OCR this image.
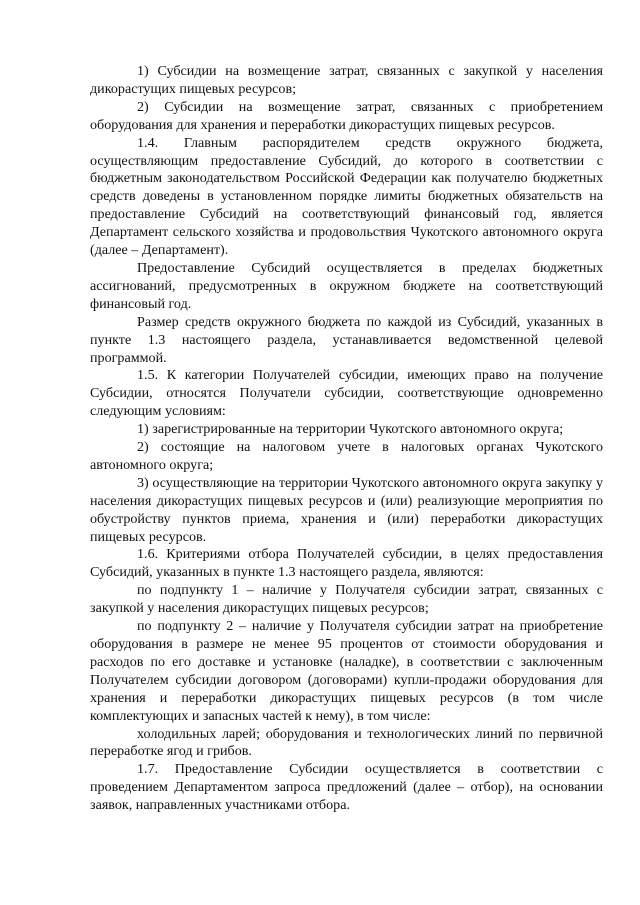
1) Субсидии на возмещение затрат, связанных с закупкой у населения дикорастущих пищевых ресурсов;

2) Субсидии на возмещение затрат, связанных с приобретением оборудования для хранения и переработки дикорастущих пищевых ресурсов.

1.4. Главным распорядителем средств окружного бюджета, осуществляющим предоставление Субсидий, до которого в соответствии с бюджетным законодательством Российской Федерации как получателю бюджетных средств доведены в установленном порядке лимиты бюджетных обязательств на предоставление Субсидий на соответствующий финансовый год, является Департамент сельского хозяйства и продовольствия Чукотского автономного округа (далее – Департамент).

Предоставление Субсидий осуществляется в пределах бюджетных ассигнований, предусмотренных в окружном бюджете на соответствующий финансовый год.

Размер средств окружного бюджета по каждой из Субсидий, указанных в пункте 1.3 настоящего раздела, устанавливается ведомственной целевой программой.

1.5. К категории Получателей субсидии, имеющих право на получение Субсидии, относятся Получатели субсидии, соответствующие одновременно следующим условиям:

1) зарегистрированные на территории Чукотского автономного округа;

2) состоящие на налоговом учете в налоговых органах Чукотского автономного округа;

3) осуществляющие на территории Чукотского автономного округа закупку у населения дикорастущих пищевых ресурсов и (или) реализующие мероприятия по обустройству пунктов приема, хранения и (или) переработки дикорастущих пищевых ресурсов.

1.6. Критериями отбора Получателей субсидии, в целях предоставления Субсидий, указанных в пункте 1.3 настоящего раздела, являются:

по подпункту 1 – наличие у Получателя субсидии затрат, связанных с закупкой у населения дикорастущих пищевых ресурсов;

по подпункту 2 – наличие у Получателя субсидии затрат на приобретение оборудования в размере не менее 95 процентов от стоимости оборудования и расходов по его доставке и установке (наладке), в соответствии с заключенным Получателем субсидии договором (договорами) купли-продажи оборудования для хранения и переработки дикорастущих пищевых ресурсов (в том числе комплектующих и запасных частей к нему), в том числе:

холодильных ларей; оборудования и технологических линий по первичной переработке ягод и грибов.

1.7. Предоставление Субсидии осуществляется в соответствии с проведением Департаментом запроса предложений (далее – отбор), на основании заявок, направленных участниками отбора.
